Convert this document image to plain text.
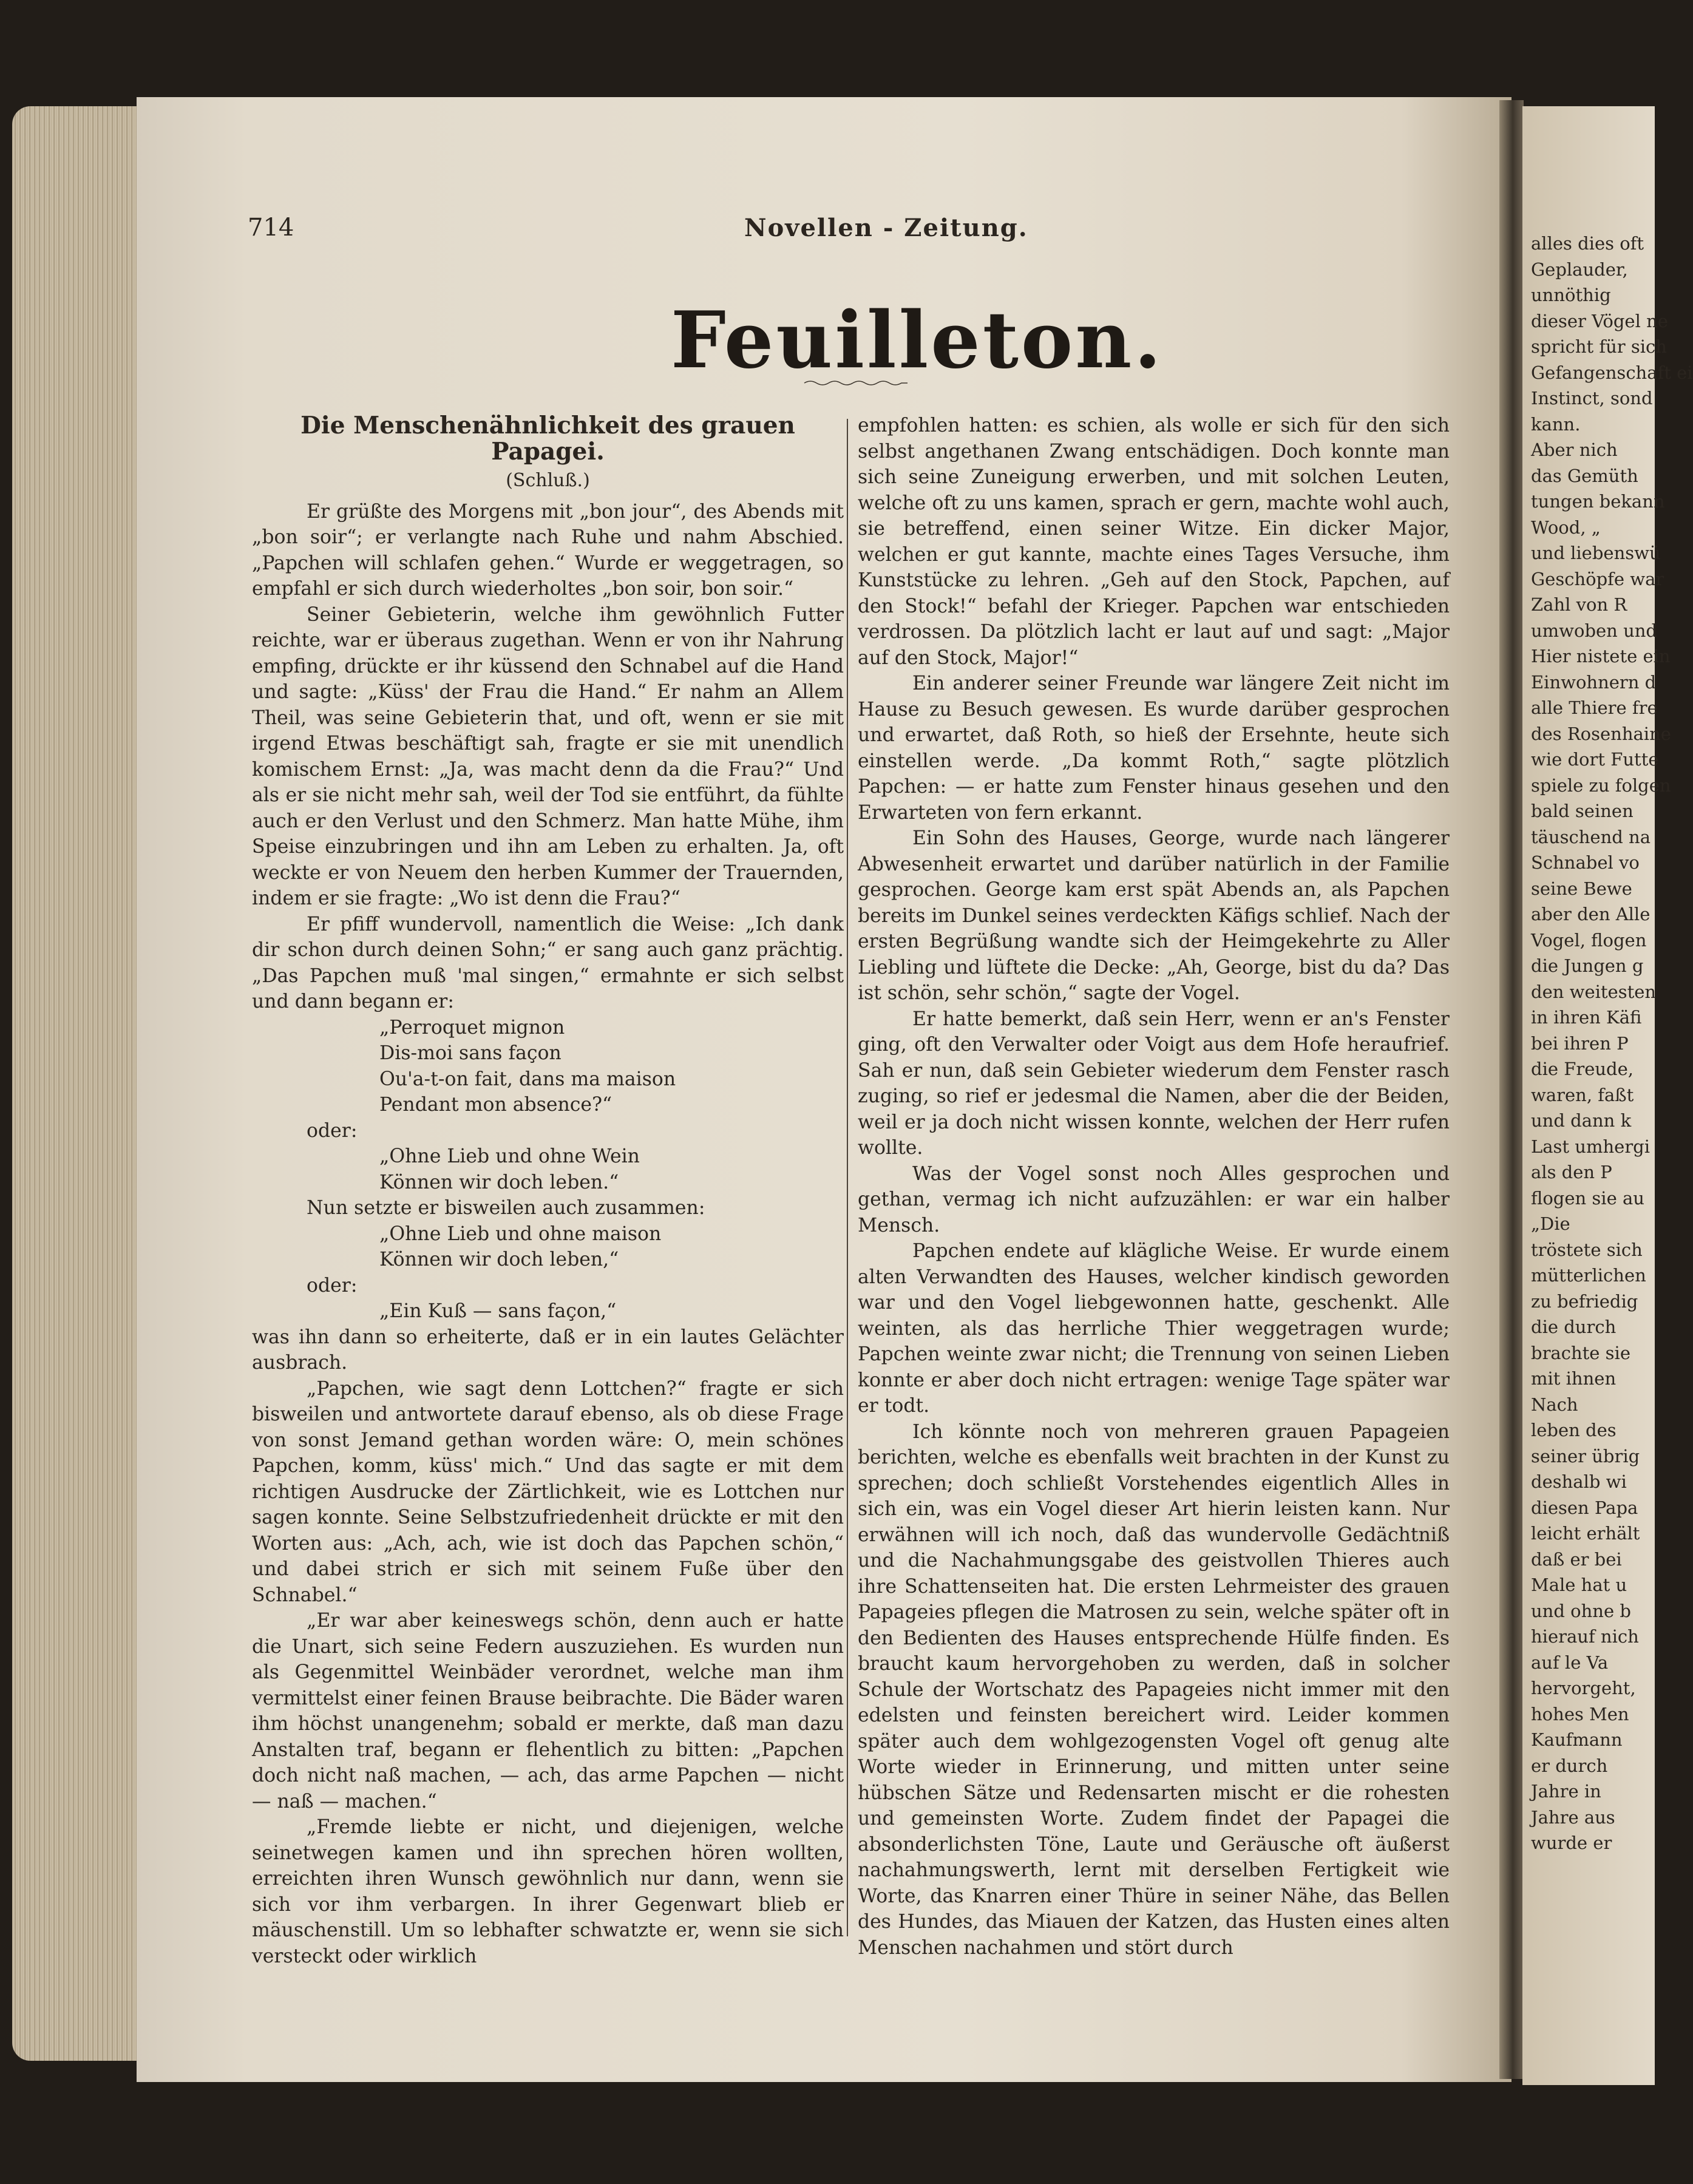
714	Novellen - Zeitung.
Feuilleton.
Die Menschenähnlichkeit des grauen Papagei.
(Schluß.)

Er grüßte des Morgens mit „bon jour“, des Abends mit „bon soir“; er verlangte nach Ruhe und nahm Abschied. „Papchen will schlafen gehen.“ Wurde er weggetragen, so empfahl er sich durch wiederholtes „bon soir, bon soir.“

Seiner Gebieterin, welche ihm gewöhnlich Futter reichte, war er überaus zugethan. Wenn er von ihr Nahrung empfing, drückte er ihr küssend den Schnabel auf die Hand und sagte: „Küss' der Frau die Hand.“ Er nahm an Allem Theil, was seine Gebieterin that, und oft, wenn er sie mit irgend Etwas beschäftigt sah, fragte er sie mit unendlich komischem Ernst: „Ja, was macht denn da die Frau?“ Und als er sie nicht mehr sah, weil der Tod sie entführt, da fühlte auch er den Verlust und den Schmerz. Man hatte Mühe, ihm Speise einzubringen und ihn am Leben zu erhalten. Ja, oft weckte er von Neuem den herben Kummer der Trauernden, indem er sie fragte: „Wo ist denn die Frau?“

Er pfiff wundervoll, namentlich die Weise: „Ich dank dir schon durch deinen Sohn;“ er sang auch ganz prächtig. „Das Papchen muß 'mal singen,“ ermahnte er sich selbst und dann begann er:

„Perroquet mignon
Dis-moi sans façon
Ou'a-t-on fait, dans ma maison
Pendant mon absence?“

oder:

„Ohne Lieb und ohne Wein
Können wir doch leben.“

Nun setzte er bisweilen auch zusammen:

„Ohne Lieb und ohne maison
Können wir doch leben,“

oder:

„Ein Kuß — sans façon,“

was ihn dann so erheiterte, daß er in ein lautes Gelächter ausbrach.

„Papchen, wie sagt denn Lottchen?“ fragte er sich bisweilen und antwortete darauf ebenso, als ob diese Frage von sonst Jemand gethan worden wäre: O, mein schönes Papchen, komm, küss' mich.“ Und das sagte er mit dem richtigen Ausdrucke der Zärtlichkeit, wie es Lottchen nur sagen konnte. Seine Selbstzufriedenheit drückte er mit den Worten aus: „Ach, ach, wie ist doch das Papchen schön,“ und dabei strich er sich mit seinem Fuße über den Schnabel.“

„Er war aber keineswegs schön, denn auch er hatte die Unart, sich seine Federn auszuziehen. Es wurden nun als Gegenmittel Weinbäder verordnet, welche man ihm vermittelst einer feinen Brause beibrachte. Die Bäder waren ihm höchst unangenehm; sobald er merkte, daß man dazu Anstalten traf, begann er flehentlich zu bitten: „Papchen doch nicht naß machen, — ach, das arme Papchen — nicht — naß — machen.“

„Fremde liebte er nicht, und diejenigen, welche seinetwegen kamen und ihn sprechen hören wollten, erreichten ihren Wunsch gewöhnlich nur dann, wenn sie sich vor ihm verbargen. In ihrer Gegenwart blieb er mäuschenstill. Um so lebhafter schwatzte er, wenn sie sich versteckt oder wirklich

empfohlen hatten: es schien, als wolle er sich für den sich selbst angethanen Zwang entschädigen. Doch konnte man sich seine Zuneigung erwerben, und mit solchen Leuten, welche oft zu uns kamen, sprach er gern, machte wohl auch, sie betreffend, einen seiner Witze. Ein dicker Major, welchen er gut kannte, machte eines Tages Versuche, ihm Kunststücke zu lehren. „Geh auf den Stock, Papchen, auf den Stock!“ befahl der Krieger. Papchen war entschieden verdrossen. Da plötzlich lacht er laut auf und sagt: „Major auf den Stock, Major!“

Ein anderer seiner Freunde war längere Zeit nicht im Hause zu Besuch gewesen. Es wurde darüber gesprochen und erwartet, daß Roth, so hieß der Ersehnte, heute sich einstellen werde. „Da kommt Roth,“ sagte plötzlich Papchen: — er hatte zum Fenster hinaus gesehen und den Erwarteten von fern erkannt.

Ein Sohn des Hauses, George, wurde nach längerer Abwesenheit erwartet und darüber natürlich in der Familie gesprochen. George kam erst spät Abends an, als Papchen bereits im Dunkel seines verdeckten Käfigs schlief. Nach der ersten Begrüßung wandte sich der Heimgekehrte zu Aller Liebling und lüftete die Decke: „Ah, George, bist du da? Das ist schön, sehr schön,“ sagte der Vogel.

Er hatte bemerkt, daß sein Herr, wenn er an's Fenster ging, oft den Verwalter oder Voigt aus dem Hofe heraufrief. Sah er nun, daß sein Gebieter wiederum dem Fenster rasch zuging, so rief er jedesmal die Namen, aber die der Beiden, weil er ja doch nicht wissen konnte, welchen der Herr rufen wollte.

Was der Vogel sonst noch Alles gesprochen und gethan, vermag ich nicht aufzuzählen: er war ein halber Mensch.

Papchen endete auf klägliche Weise. Er wurde einem alten Verwandten des Hauses, welcher kindisch geworden war und den Vogel liebgewonnen hatte, geschenkt. Alle weinten, als das herrliche Thier weggetragen wurde; Papchen weinte zwar nicht; die Trennung von seinen Lieben konnte er aber doch nicht ertragen: wenige Tage später war er todt.

Ich könnte noch von mehreren grauen Papageien berichten, welche es ebenfalls weit brachten in der Kunst zu sprechen; doch schließt Vorstehendes eigentlich Alles in sich ein, was ein Vogel dieser Art hierin leisten kann. Nur erwähnen will ich noch, daß das wundervolle Gedächtniß und die Nachahmungsgabe des geistvollen Thieres auch ihre Schattenseiten hat. Die ersten Lehrmeister des grauen Papageies pflegen die Matrosen zu sein, welche später oft in den Bedienten des Hauses entsprechende Hülfe finden. Es braucht kaum hervorgehoben zu werden, daß in solcher Schule der Wortschatz des Papageies nicht immer mit den edelsten und feinsten bereichert wird. Leider kommen später auch dem wohlgezogensten Vogel oft genug alte Worte wieder in Erinnerung, und mitten unter seine hübschen Sätze und Redensarten mischt er die rohesten und gemeinsten Worte. Zudem findet der Papagei die absonderlichsten Töne, Laute und Geräusche oft äußerst nachahmungswerth, lernt mit derselben Fertigkeit wie Worte, das Knarren einer Thüre in seiner Nähe, das Bellen des Hundes, das Miauen der Katzen, das Husten eines alten Menschen nachahmen und stört durch

alles dies oft
Geplauder,
unnöthig
dieser Vögel ne
spricht für sich
Gefangenschaft ei
Instinct, sond
kann.
Aber nich
das Gemüth
tungen bekann
Wood, „
und liebenswü
Geschöpfe war
Zahl von R
umwoben und
Hier nistete ein
Einwohnern d
alle Thiere fre
des Rosenhaine
wie dort Futte
spiele zu folgen
bald seinen
täuschend na
Schnabel vo
seine Bewe
aber den Alle
Vogel, flogen
die Jungen g
den weitesten
in ihren Käfi
bei ihren P
die Freude,
waren, faßt
und dann k
Last umhergi
als den P
flogen sie au
„Die
tröstete sich
mütterlichen
zu befriedig
die durch
brachte sie
mit ihnen
Nach
leben des
seiner übrig
deshalb wi
diesen Papa
leicht erhält
daß er bei
Male hat u
und ohne b
hierauf nich
auf le Va
hervorgeht,
hohes Men
Kaufmann
er durch
Jahre in
Jahre aus
wurde er
